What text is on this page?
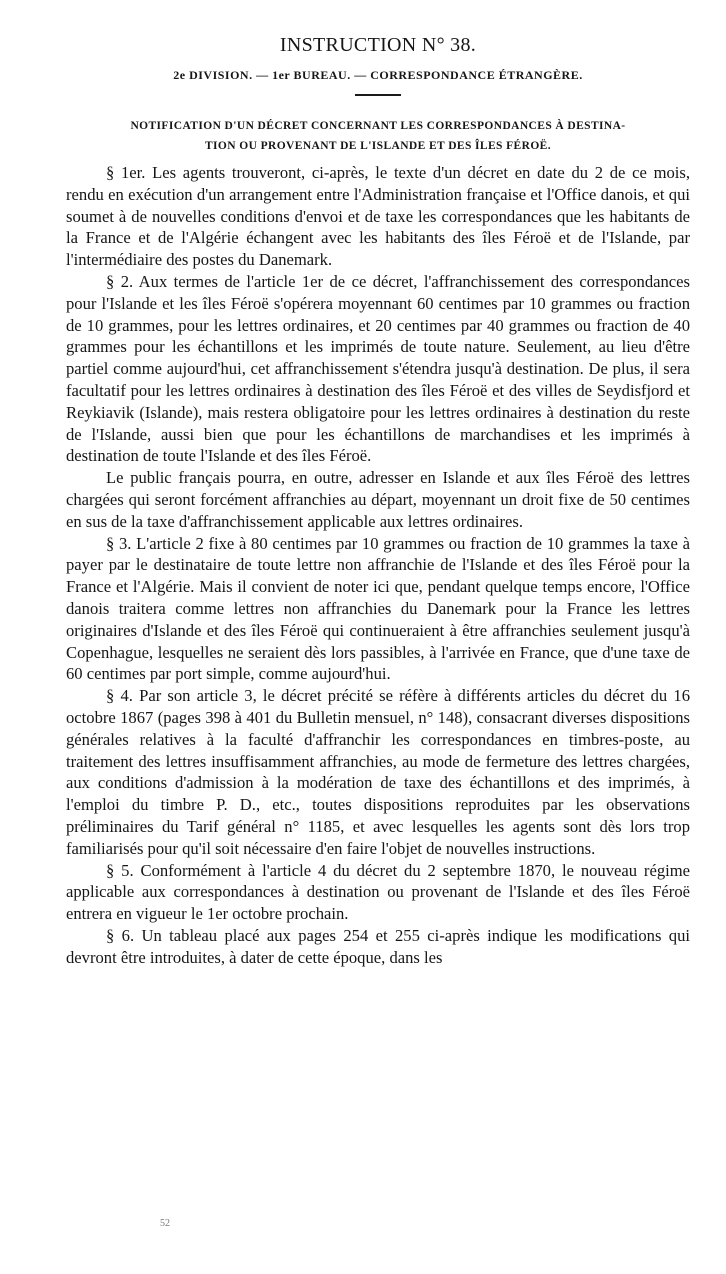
INSTRUCTION N° 38.

2e DIVISION. — 1er BUREAU. — CORRESPONDANCE ÉTRANGÈRE.

NOTIFICATION D'UN DÉCRET CONCERNANT LES CORRESPONDANCES À DESTINA-
TION OU PROVENANT DE L'ISLANDE ET DES ÎLES FÉROË.

§ 1er. Les agents trouveront, ci-après, le texte d'un décret en date du 2 de ce mois, rendu en exécution d'un arrangement entre l'Administration française et l'Office danois, et qui soumet à de nouvelles conditions d'envoi et de taxe les correspondances que les habitants de la France et de l'Algérie échangent avec les habitants des îles Féroë et de l'Islande, par l'intermédiaire des postes du Danemark.

§ 2. Aux termes de l'article 1er de ce décret, l'affranchissement des correspondances pour l'Islande et les îles Féroë s'opérera moyennant 60 centimes par 10 grammes ou fraction de 10 grammes, pour les lettres ordinaires, et 20 centimes par 40 grammes ou fraction de 40 grammes pour les échantillons et les imprimés de toute nature. Seulement, au lieu d'être partiel comme aujourd'hui, cet affranchissement s'étendra jusqu'à destination. De plus, il sera facultatif pour les lettres ordinaires à destination des îles Féroë et des villes de Seydisfjord et Reykiavik (Islande), mais restera obligatoire pour les lettres ordinaires à destination du reste de l'Islande, aussi bien que pour les échantillons de marchandises et les imprimés à destination de toute l'Islande et des îles Féroë.

Le public français pourra, en outre, adresser en Islande et aux îles Féroë des lettres chargées qui seront forcément affranchies au départ, moyennant un droit fixe de 50 centimes en sus de la taxe d'affranchissement applicable aux lettres ordinaires.

§ 3. L'article 2 fixe à 80 centimes par 10 grammes ou fraction de 10 grammes la taxe à payer par le destinataire de toute lettre non affranchie de l'Islande et des îles Féroë pour la France et l'Algérie. Mais il convient de noter ici que, pendant quelque temps encore, l'Office danois traitera comme lettres non affranchies du Danemark pour la France les lettres originaires d'Islande et des îles Féroë qui continueraient à être affranchies seulement jusqu'à Copenhague, lesquelles ne seraient dès lors passibles, à l'arrivée en France, que d'une taxe de 60 centimes par port simple, comme aujourd'hui.

§ 4. Par son article 3, le décret précité se réfère à différents articles du décret du 16 octobre 1867 (pages 398 à 401 du Bulletin mensuel, n° 148), consacrant diverses dispositions générales relatives à la faculté d'affranchir les correspondances en timbres-poste, au traitement des lettres insuffisamment affranchies, au mode de fermeture des lettres chargées, aux conditions d'admission à la modération de taxe des échantillons et des imprimés, à l'emploi du timbre P. D., etc., toutes dispositions reproduites par les observations préliminaires du Tarif général n° 1185, et avec lesquelles les agents sont dès lors trop familiarisés pour qu'il soit nécessaire d'en faire l'objet de nouvelles instructions.

§ 5. Conformément à l'article 4 du décret du 2 septembre 1870, le nouveau régime applicable aux correspondances à destination ou provenant de l'Islande et des îles Féroë entrera en vigueur le 1er octobre prochain.

§ 6. Un tableau placé aux pages 254 et 255 ci-après indique les modifications qui devront être introduites, à dater de cette époque, dans les

52
